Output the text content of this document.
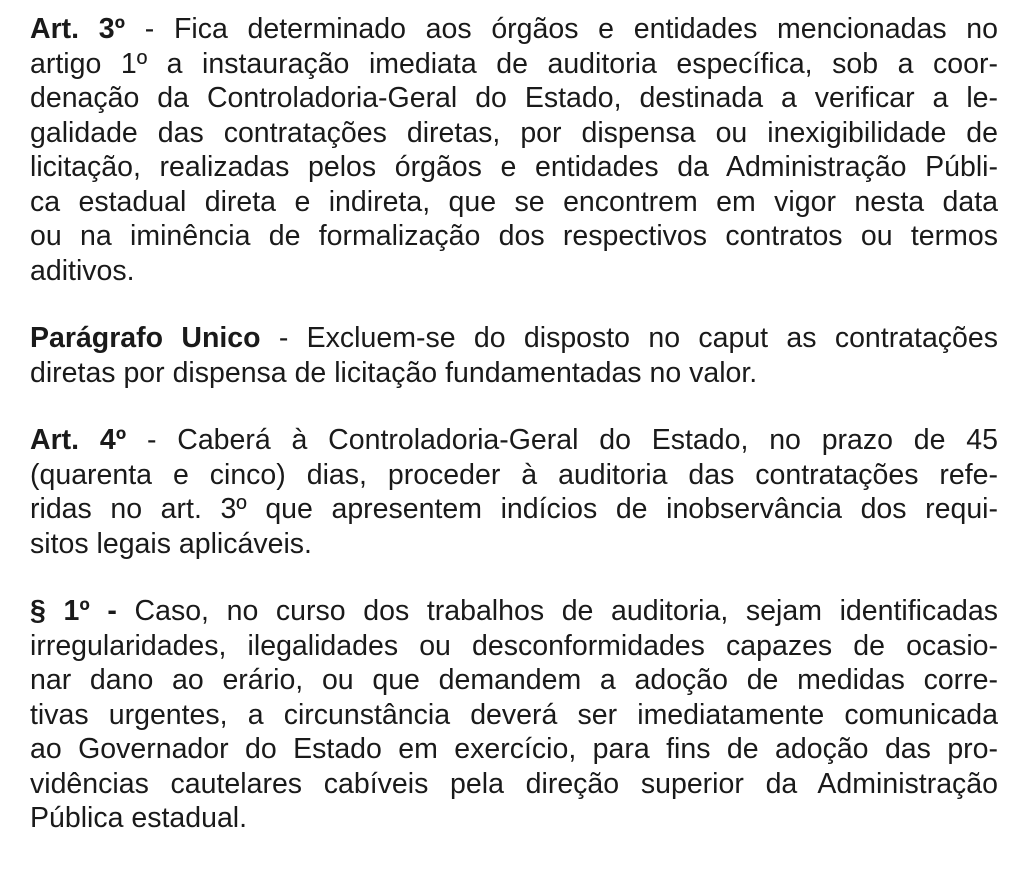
Art. 3º - Fica determinado aos órgãos e entidades mencionadas no
artigo 1º a instauração imediata de auditoria específica, sob a coor-
denação da Controladoria-Geral do Estado, destinada a verificar a le-
galidade das contratações diretas, por dispensa ou inexigibilidade de
licitação, realizadas pelos órgãos e entidades da Administração Públi-
ca estadual direta e indireta, que se encontrem em vigor nesta data
ou na iminência de formalização dos respectivos contratos ou termos
aditivos.
Parágrafo Unico - Excluem-se do disposto no caput as contratações
diretas por dispensa de licitação fundamentadas no valor.
Art. 4º - Caberá à Controladoria-Geral do Estado, no prazo de 45
(quarenta e cinco) dias, proceder à auditoria das contratações refe-
ridas no art. 3º que apresentem indícios de inobservância dos requi-
sitos legais aplicáveis.
§ 1º - Caso, no curso dos trabalhos de auditoria, sejam identificadas
irregularidades, ilegalidades ou desconformidades capazes de ocasio-
nar dano ao erário, ou que demandem a adoção de medidas corre-
tivas urgentes, a circunstância deverá ser imediatamente comunicada
ao Governador do Estado em exercício, para fins de adoção das pro-
vidências cautelares cabíveis pela direção superior da Administração
Pública estadual.
